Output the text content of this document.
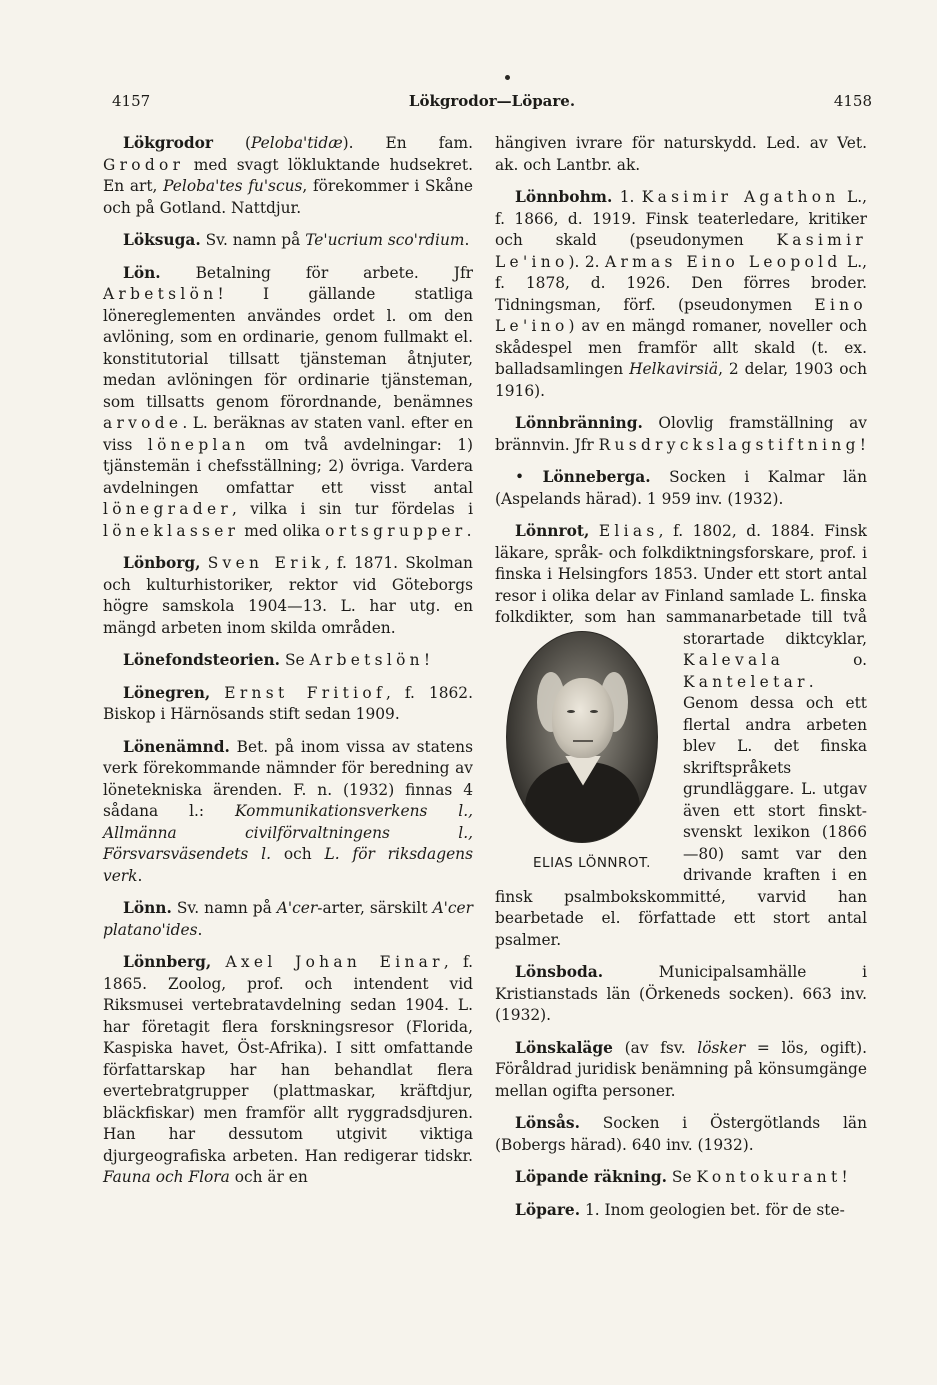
4157	Lökgrodor—Löpare.	4158

Lökgrodor (Peloba'tidæ). En fam. Grodor med svagt lökluktande hudsekret. En art, Peloba'tes fu'scus, förekommer i Skåne och på Gotland. Nattdjur.

Löksuga. Sv. namn på Te'ucrium sco'rdium.

Lön. Betalning för arbete. Jfr Arbetslön! I gällande statliga lönereglementen användes ordet l. om den avlöning, som en ordinarie, genom fullmakt el. konstitutorial tillsatt tjänsteman åtnjuter, medan avlöningen för ordinarie tjänsteman, som tillsatts genom förordnande, benämnes arvode. L. beräknas av staten vanl. efter en viss löneplan om två avdelningar: 1) tjänstemän i chefsställning; 2) övriga. Vardera avdelningen omfattar ett visst antal lönegrader, vilka i sin tur fördelas i löneklasser med olika ortsgrupper.

Lönborg, Sven Erik, f. 1871. Skolman och kulturhistoriker, rektor vid Göteborgs högre samskola 1904—13. L. har utg. en mängd arbeten inom skilda områden.

Lönefondsteorien. Se Arbetslön!

Lönegren, Ernst Fritiof, f. 1862. Biskop i Härnösands stift sedan 1909.

Lönenämnd. Bet. på inom vissa av statens verk förekommande nämnder för beredning av lönetekniska ärenden. F. n. (1932) finnas 4 sådana l.: Kommunikationsverkens l., Allmänna civilförvaltningens l., Försvarsväsendets l. och L. för riksdagens verk.

Lönn. Sv. namn på A'cer-arter, särskilt A'cer platano'ides.

Lönnberg, Axel Johan Einar, f. 1865. Zoolog, prof. och intendent vid Riksmusei vertebratavdelning sedan 1904. L. har företagit flera forskningsresor (Florida, Kaspiska havet, Öst-Afrika). I sitt omfattande författarskap har han behandlat flera evertebratgrupper (plattmaskar, kräftdjur, bläckfiskar) men framför allt ryggradsdjuren. Han har dessutom utgivit viktiga djurgeografiska arbeten. Han redigerar tidskr. Fauna och Flora och är en

hängiven ivrare för naturskydd. Led. av Vet. ak. och Lantbr. ak.

Lönnbohm. 1. Kasimir Agathon L., f. 1866, d. 1919. Finsk teaterledare, kritiker och skald (pseudonymen Kasimir Le'ino). 2. Armas Eino Leopold L., f. 1878, d. 1926. Den förres broder. Tidningsman, förf. (pseudonymen Eino Le'ino) av en mängd romaner, noveller och skådespel men framför allt skald (t. ex. balladsamlingen Helkavirsiä, 2 delar, 1903 och 1916).

Lönnbränning. Olovlig framställning av brännvin. Jfr Rusdryckslagstiftning!

• Lönneberga. Socken i Kalmar län (Aspelands härad). 1 959 inv. (1932).

Lönnrot, Elias, f. 1802, d. 1884. Finsk läkare, språk- och folkdiktningsforskare, prof. i finska i Helsingfors 1853. Under ett stort antal resor i olika delar av Finland samlade L. finska folkdikter, som han sammanarbetade till två storartade diktcyklar,
ELIAS LÖNNROT.
Kalevala o. Kanteletar. Genom dessa och ett flertal andra arbeten blev L. det finska skriftspråkets grundläggare. L. utgav även ett stort finskt-svenskt lexikon (1866—80) samt var den drivande kraften i en finsk psalmbokskommitté, varvid han bearbetade el. författade ett stort antal psalmer.

Lönsboda. Municipalsamhälle i Kristianstads län (Örkeneds socken). 663 inv. (1932).

Lönskaläge (av fsv. lösker = lös, ogift). Föråldrad juridisk benämning på könsumgänge mellan ogifta personer.

Lönsås. Socken i Östergötlands län (Bobergs härad). 640 inv. (1932).

Löpande räkning. Se Kontokurant!

Löpare. 1. Inom geologien bet. för de ste-
